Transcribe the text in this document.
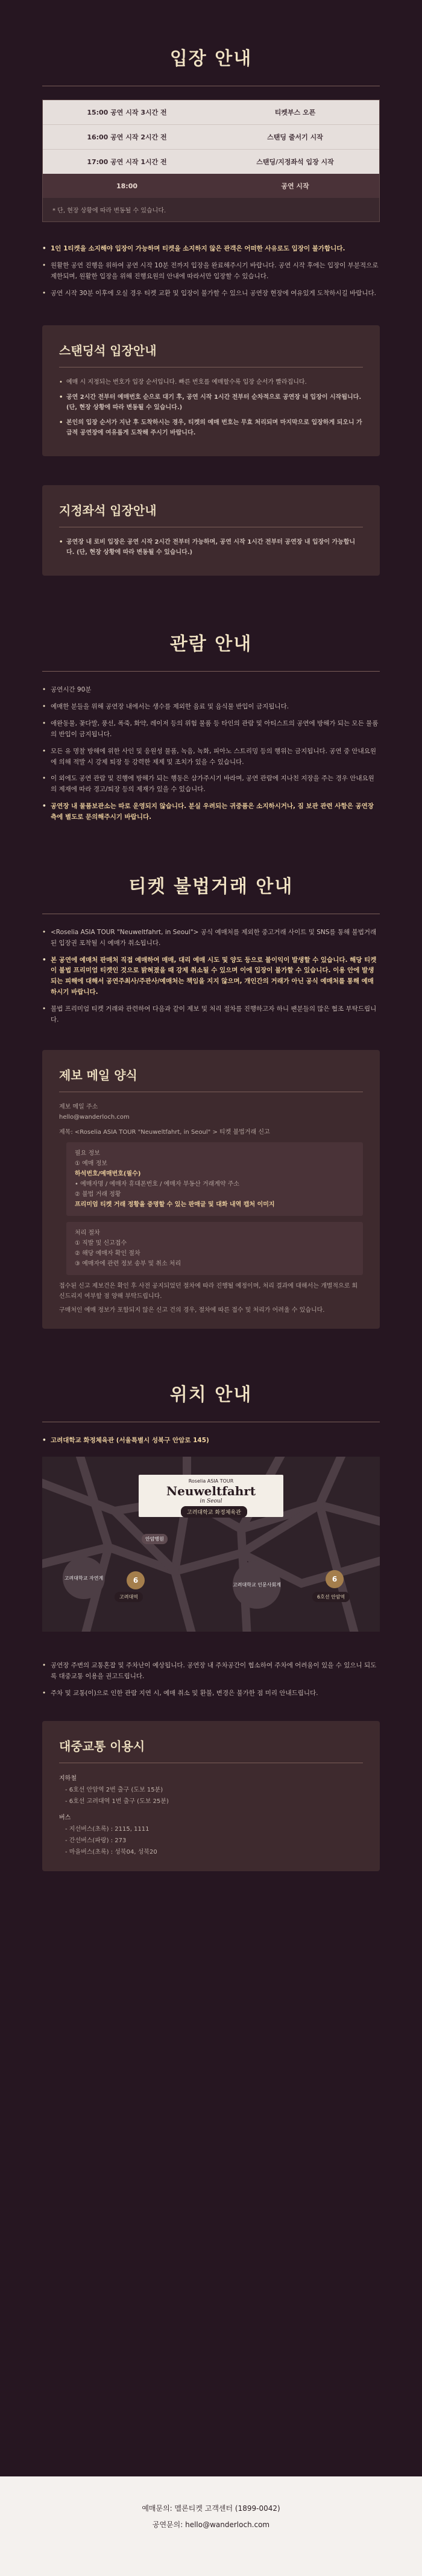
입장 안내
15:00 공연 시작 3시간 전	티켓부스 오픈
16:00 공연 시작 2시간 전	스탠딩 줄서기 시작
17:00 공연 시작 1시간 전	스탠딩/지정좌석 입장 시작
18:00	공연 시작
* 단, 현장 상황에 따라 변동될 수 있습니다.

• 1인 1티켓을 소지해야 입장이 가능하며 티켓을 소지하지 않은 관객은 어떠한 사유로도 입장이 불가합니다.

• 원활한 공연 진행을 위하여 공연 시작 10분 전까지 입장을 완료해주시기 바랍니다. 공연 시작 후에는 입장이 부분적으로 제한되며, 원활한 입장을 위해 진행요원의 안내에 따라서만 입장할 수 있습니다.

• 공연 시작 30분 이후에 오실 경우 티켓 교환 및 입장이 불가할 수 있으니 공연장 현장에 여유있게 도착하시길 바랍니다.

스탠딩석 입장안내

• 예매 시 지정되는 번호가 입장 순서입니다. 빠른 번호를 예매할수록 입장 순서가 빨라집니다.

• 공연 2시간 전부터 예매번호 순으로 대기 후, 공연 시작 1시간 전부터 순차적으로 공연장 내 입장이 시작됩니다. (단, 현장 상황에 따라 변동될 수 있습니다.)

• 본인의 입장 순서가 지난 후 도착하시는 경우, 티켓의 예매 번호는 무효 처리되며 마지막으로 입장하게 되오니 가급적 공연장에 여유롭게 도착해 주시기 바랍니다.

지정좌석 입장안내

• 공연장 내 로비 입장은 공연 시작 2시간 전부터 가능하며, 공연 시작 1시간 전부터 공연장 내 입장이 가능합니다. (단, 현장 상황에 따라 변동될 수 있습니다.)

관람 안내

• 공연시간 90분

• 예매한 분들을 위해 공연장 내에서는 생수를 제외한 음료 및 음식물 반입이 금지됩니다.

• 애완동물, 꽃다발, 풍선, 폭죽, 화약, 레이저 등의 위험 물품 등 타인의 관람 및 아티스트의 공연에 방해가 되는 모든 물품의 반입이 금지됩니다.

• 모든 유 명찰 방해에 위한 사인 및 응원성 물품, 녹음, 녹화, 피아노 스트리밍 등의 행위는 금지됩니다. 공연 중 안내요원에 의해 적발 시 강제 퇴장 등 강력한 제제 및 조치가 있을 수 있습니다.

• 이 외에도 공연 관람 및 진행에 방해가 되는 행동은 삼가주시기 바라며, 공연 관람에 지나친 지장을 주는 경우 안내요원의 제재에 따라 경고/퇴장 등의 제재가 있을 수 있습니다.

• 공연장 내 물품보관소는 따로 운영되지 않습니다. 분실 우려되는 귀중품은 소지하시거나, 짐 보관 관련 사항은 공연장 측에 별도로 문의해주시기 바랍니다.

티켓 불법거래 안내

• <Roselia ASIA TOUR "Neuweltfahrt, in Seoul"> 공식 예매처를 제외한 중고거래 사이트 및 SNS를 통해 불법거래된 입장권 포착될 시 예매가 취소됩니다.

• 본 공연에 예매처 판매처 직접 예매하여 매매, 대리 예매 시도 및 양도 등으로 불이익이 발생할 수 있습니다. 해당 티켓이 불법 프리미엄 티켓인 것으로 밝혀졌을 때 강제 취소될 수 있으며 이에 입장이 불가할 수 있습니다. 이용 안에 발생되는 피해에 대해서 공연주최사/주관사/예매처는 책임을 지지 않으며, 개인간의 거래가 아닌 공식 예매처를 통해 예매하시기 바랍니다.

• 불법 프리미엄 티켓 거래와 관련하여 다음과 같이 제보 및 처리 절차를 진행하고자 하니 팬분들의 많은 협조 부탁드립니다.

제보 메일 양식
제보 메일 주소
hello@wanderloch.com
제목: <Roselia ASIA TOUR "Neuweltfahrt, in Seoul" > 티켓 불법거래 신고
필요 정보
① 예매 정보
하석번호/예매번호(필수)
• 예매자명 / 예매자 휴대폰번호 / 예매자 부동산 거래계약 주소
② 불법 거래 정황
프리미엄 티켓 거래 정황을 증명할 수 있는 판매글 및 대화 내역 캡처 이미지
처리 절차
① 직발 및 신고접수
② 해당 예매자 확인 절차
③ 예매자에 관련 정보 송부 및 취소 처리
접수된 신고 제보건은 확인 후 사전 공지되었던 절차에 따라 진행될 예정이며, 처리 결과에 대해서는 개별적으로 회신드리지 여부할 점 양해 부탁드립니다.
구매처인 예매 정보가 포함되지 않은 신고 건의 경우, 절차에 따른 접수 및 처리가 어려울 수 있습니다.
위치 안내

• 고려대학교 화정체육관 (서울특별시 성북구 안암로 145)

Roselia ASIA TOUR
Neuweltfahrt
in Seoul
고려대학교 화정체육관
안암병원
고려대학교 자연계	6
고려대역
고려대학교 인문사회계
6
6호선 안암역

• 공연장 주변의 교통혼잡 및 주차난이 예상됩니다. 공연장 내 주차공간이 협소하여 주차에 어려움이 있을 수 있으니 되도록 대중교통 이용을 권고드립니다.

• 주차 및 교통(이)으로 인한 관람 지연 시, 예매 취소 및 환불, 변경은 불가한 점 미리 안내드립니다.

대중교통 이용시
지하철
- 6호선 안암역 2번 출구 (도보 15분)
- 6호선 고려대역 1번 출구 (도보 25분)
버스
- 지선버스(초록) : 2115, 1111
- 간선버스(파랑) : 273
- 마을버스(초록) : 성북04, 성북20
예매문의: 멜론티켓 고객센터 (1899-0042)
공연문의: hello@wanderloch.com
